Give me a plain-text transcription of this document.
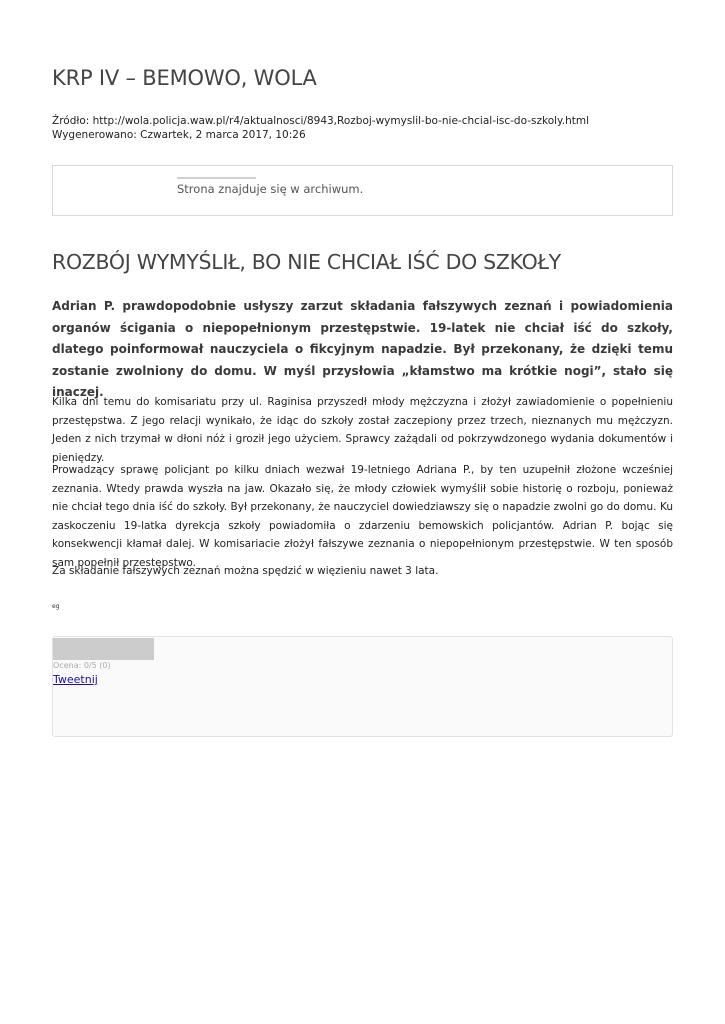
KRP IV – BEMOWO, WOLA
Źródło: http://wola.policja.waw.pl/r4/aktualnosci/8943,Rozboj-wymyslil-bo-nie-chcial-isc-do-szkoly.html
Wygenerowano: Czwartek, 2 marca 2017, 10:26
Strona znajduje się w archiwum.
ROZBÓJ WYMYŚLIŁ, BO NIE CHCIAŁ IŚĆ DO SZKOŁY

Adrian P. prawdopodobnie usłyszy zarzut składania fałszywych zeznań i powiadomienia organów ścigania o niepopełnionym przestępstwie. 19-latek nie chciał iść do szkoły, dlatego poinformował nauczyciela o fikcyjnym napadzie. Był przekonany, że dzięki temu zostanie zwolniony do domu. W myśl przysłowia „kłamstwo ma krótkie nogi”, stało się inaczej.

Kilka dni temu do komisariatu przy ul. Raginisa przyszedł młody mężczyzna i złożył zawiadomienie o popełnieniu przestępstwa. Z jego relacji wynikało, że idąc do szkoły został zaczepiony przez trzech, nieznanych mu mężczyzn. Jeden z nich trzymał w dłoni nóż i groził jego użyciem. Sprawcy zażądali od pokrzywdzonego wydania dokumentów i pieniędzy.

Prowadzący sprawę policjant po kilku dniach wezwał 19-letniego Adriana P., by ten uzupełnił złożone wcześniej zeznania. Wtedy prawda wyszła na jaw. Okazało się, że młody człowiek wymyślił sobie historię o rozboju, ponieważ nie chciał tego dnia iść do szkoły. Był przekonany, że nauczyciel dowiedziawszy się o napadzie zwolni go do domu. Ku zaskoczeniu 19-latka dyrekcja szkoły powiadomiła o zdarzeniu bemowskich policjantów. Adrian P. bojąc się konsekwencji kłamał dalej. W komisariacie złożył fałszywe zeznania o niepopełnionym przestępstwie. W ten sposób sam popełnił przestępstwo.

Za składanie fałszywych zeznań można spędzić w więzieniu nawet 3 lata.

eg
Ocena: 0/5 (0)
Tweetnij
